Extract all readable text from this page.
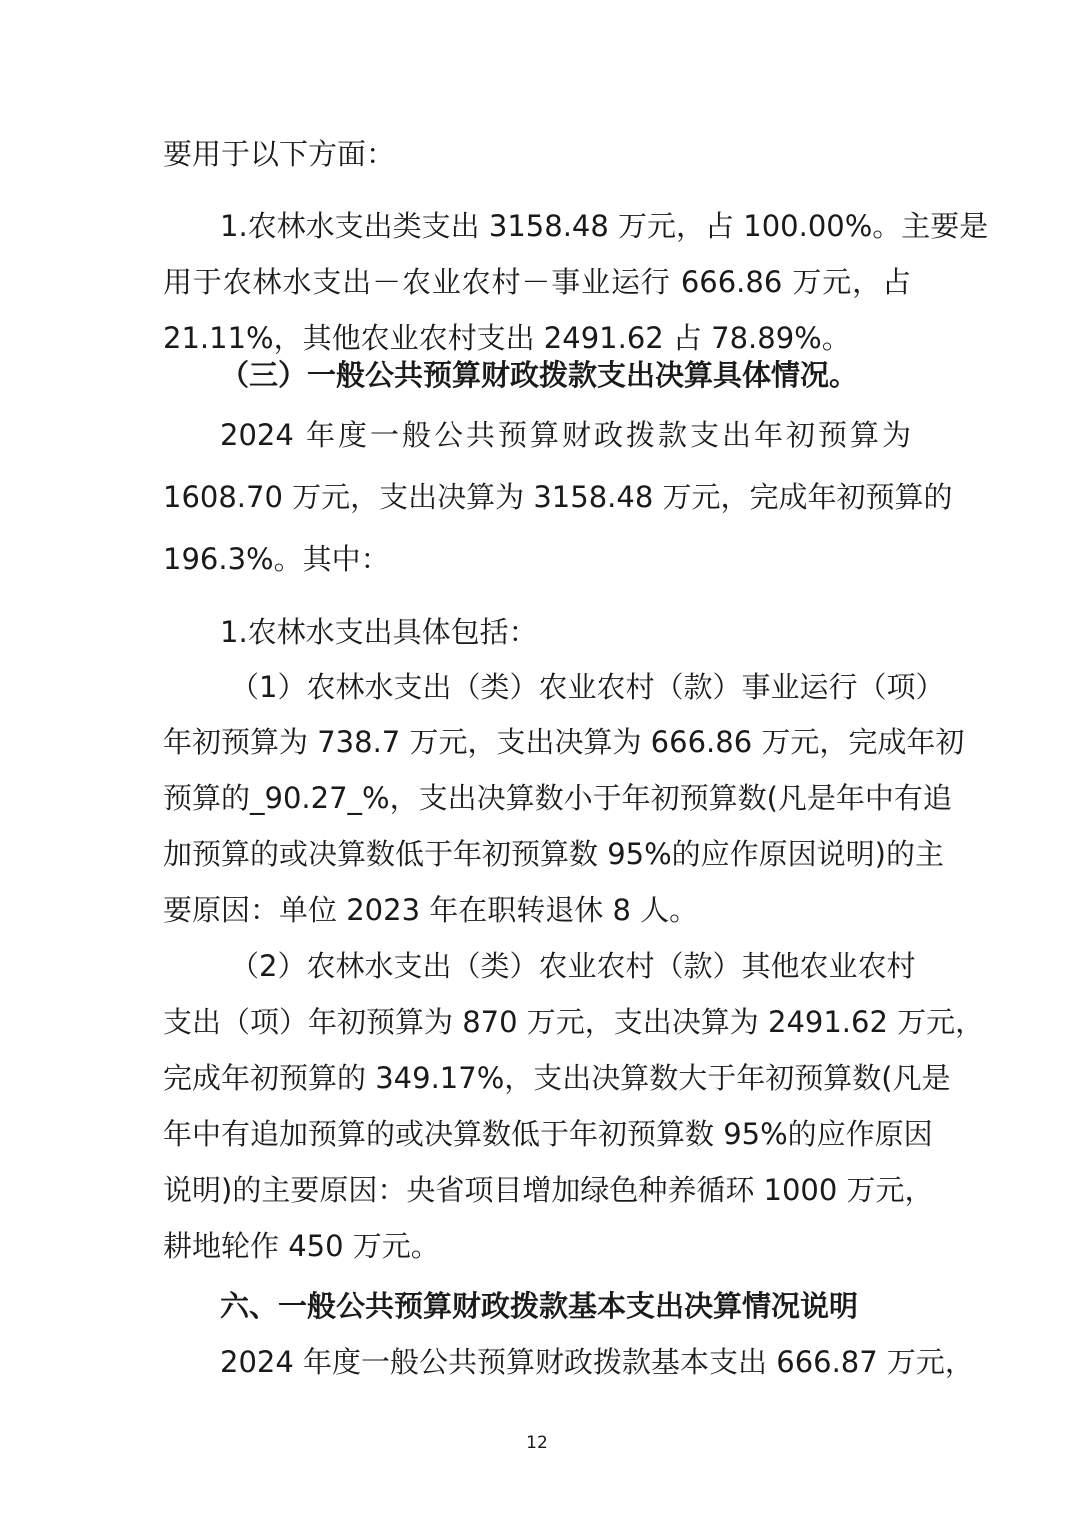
要用于以下方面：
1.农林水支出类支出 3158.48 万元，占 100.00%。主要是
用于农林水支出－农业农村－事业运行 666.86 万元，占
21.11%，其他农业农村支出 2491.62 占 78.89%。
（三）一般公共预算财政拨款支出决算具体情况。
2024 年度一般公共预算财政拨款支出年初预算为
1608.70 万元，支出决算为 3158.48 万元，完成年初预算的
196.3%。其中：
1.农林水支出具体包括：
（1）农林水支出（类）农业农村（款）事业运行（项）
年初预算为 738.7 万元，支出决算为 666.86 万元，完成年初
预算的_90.27_%，支出决算数小于年初预算数(凡是年中有追
加预算的或决算数低于年初预算数 95%的应作原因说明)的主
要原因：单位 2023 年在职转退休 8 人。
（2）农林水支出（类）农业农村（款）其他农业农村
支出（项）年初预算为 870 万元，支出决算为 2491.62 万元，
完成年初预算的 349.17%，支出决算数大于年初预算数(凡是
年中有追加预算的或决算数低于年初预算数 95%的应作原因
说明)的主要原因：央省项目增加绿色种养循环 1000 万元，
耕地轮作 450 万元。
六、一般公共预算财政拨款基本支出决算情况说明
2024 年度一般公共预算财政拨款基本支出 666.87 万元，
12
